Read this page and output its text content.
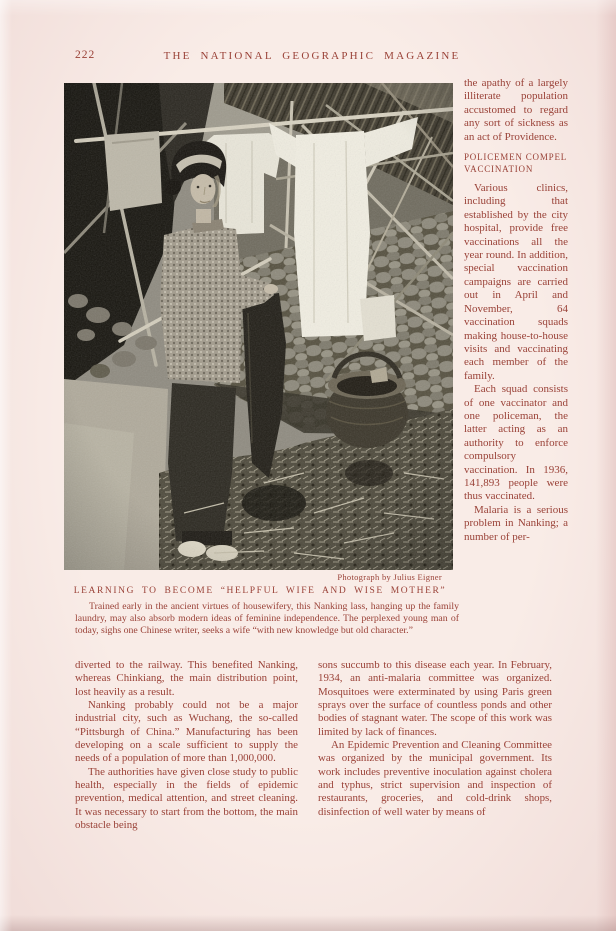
222	THE NATIONAL GEOGRAPHIC MAGAZINE

the apathy of a largely illiterate population accustomed to regard any sort of sickness as an act of Providence.

POLICEMEN COMPEL VACCINATION

Various clinics, including that established by the city hospital, provide free vaccinations all the year round. In addition, special vaccination campaigns are carried out in April and November, 64 vaccination squads making house-to-house visits and vaccinating each member of the family.

Each squad consists of one vaccinator and one policeman, the latter acting as an authority to enforce compulsory vaccination. In 1936, 141,893 people were thus vaccinated.

Malaria is a serious problem in Nanking; a number of per-

Photograph by Julius Eigner
LEARNING TO BECOME “HELPFUL WIFE AND WISE MOTHER”

Trained early in the ancient virtues of housewifery, this Nanking lass, hanging up the family laundry, may also absorb modern ideas of feminine independence. The perplexed young man of today, sighs one Chinese writer, seeks a wife “with new knowledge but old character.”

diverted to the railway. This benefited Nanking, whereas Chinkiang, the main distribution point, lost heavily as a result.

Nanking probably could not be a major industrial city, such as Wuchang, the so-called “Pittsburgh of China.” Manufacturing has been developing on a scale sufficient to supply the needs of a population of more than 1,000,000.

The authorities have given close study to public health, especially in the fields of epidemic prevention, medical attention, and street cleaning. It was necessary to start from the bottom, the main obstacle being

sons succumb to this disease each year. In February, 1934, an anti-malaria committee was organized. Mosquitoes were exterminated by using Paris green sprays over the surface of countless ponds and other bodies of stagnant water. The scope of this work was limited by lack of finances.

An Epidemic Prevention and Cleaning Committee was organized by the municipal government. Its work includes preventive inoculation against cholera and typhus, strict supervision and inspection of restaurants, groceries, and cold-drink shops, disinfection of well water by means of
